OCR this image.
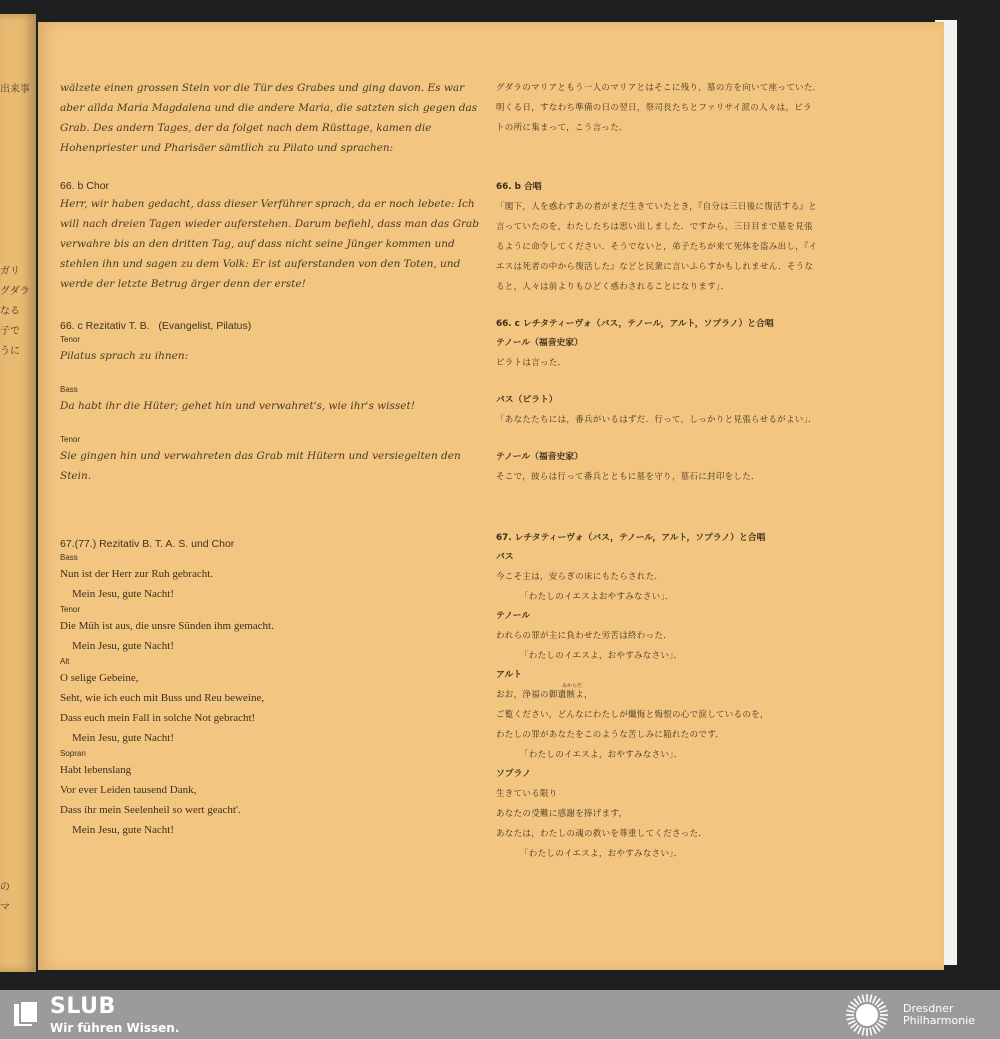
出来事
ガリ
グダラ
なる
子で
うに
の
マ
wälzete einen grossen Stein vor die Tür des Grabes und ging davon. Es war
aber allda Maria Magdalena und die andere Maria, die satzten sich gegen das
Grab. Des andern Tages, der da folget nach dem Rüsttage, kamen die
Hohenpriester und Pharisäer sämtlich zu Pilato und sprachen:
66. b Chor
Herr, wir haben gedacht, dass dieser Verführer sprach, da er noch lebete: Ich
will nach dreien Tagen wieder auferstehen. Darum befiehl, dass man das Grab
verwahre bis an den dritten Tag, auf dass nicht seine Jünger kommen und
stehlen ihn und sagen zu dem Volk: Er ist auferstanden von den Toten, und
werde der letzte Betrug ärger denn der erste!
66. c Rezitativ T. B.   (Evangelist, Pilatus)
Tenor
Pilatus sprach zu ihnen:
Bass
Da habt ihr die Hüter; gehet hin und verwahret's, wie ihr's wisset!
Tenor
Sie gingen hin und verwahreten das Grab mit Hütern und versiegelten den
Stein.
67.(77.) Rezitativ B. T. A. S. und Chor
Bass
Nun ist der Herr zur Ruh gebracht.
Mein Jesu, gute Nacht!
Tenor
Die Müh ist aus, die unsre Sünden ihm gemacht.
Mein Jesu, gute Nacht!
Alt
O selige Gebeine,
Seht, wie ich euch mit Buss und Reu beweine,
Dass euch mein Fall in solche Not gebracht!
Mein Jesu, gute Nacht!
Sopran
Habt lebenslang
Vor ever Leiden tausend Dank,
Dass ihr mein Seelenheil so wert geacht'.
Mein Jesu, gute Nacht!
グダラのマリアともう一人のマリアとはそこに残り，墓の方を向いて座っていた．
明くる日，すなわち準備の日の翌日，祭司長たちとファリサイ派の人々は，ピラ
トの所に集まって，こう言った．
66. b 合唱
「閣下，人を惑わすあの者がまだ生きていたとき，『自分は三日後に復活する』と
言っていたのを，わたしたちは思い出しました．ですから，三日目まで墓を見張
るように命令してください．そうでないと，弟子たちが来て死体を盗み出し，『イ
エスは死者の中から復活した』などと民衆に言いふらすかもしれません．そうな
ると，人々は前よりもひどく惑わされることになります」．
66. c レチタティーヴォ（バス，テノール，アルト，ソプラノ）と合唱
テノール（福音史家）
ピラトは言った．
バス（ピラト）
「あなたたちには，番兵がいるはずだ．行って，しっかりと見張らせるがよい」．
テノール（福音史家）
そこで，彼らは行って番兵とともに墓を守り，墓石に封印をした．
67. レチタティーヴォ（バス，テノール，アルト，ソプラノ）と合唱
バス
今こそ主は，安らぎの床にもたらされた．
「わたしのイエスよおやすみなさい」．
テノール
われらの罪が主に負わせた労苦は終わった．
「わたしのイエスよ，おやすみなさい」．
アルト
みからだ
おお，浄福の御遺骸よ，
ご覧ください，どんなにわたしが懺悔と悔恨の心で涙しているのを，
わたしの罪があなたをこのような苦しみに陥れたのです．
「わたしのイエスよ，おやすみなさい」．
ソプラノ
生きている限り
あなたの受難に感謝を捧げます，
あなたは，わたしの魂の救いを尊重してくださった．
「わたしのイエスよ，おやすみなさい」．
SLUB
Wir führen Wissen.
Dresdner
Philharmonie
